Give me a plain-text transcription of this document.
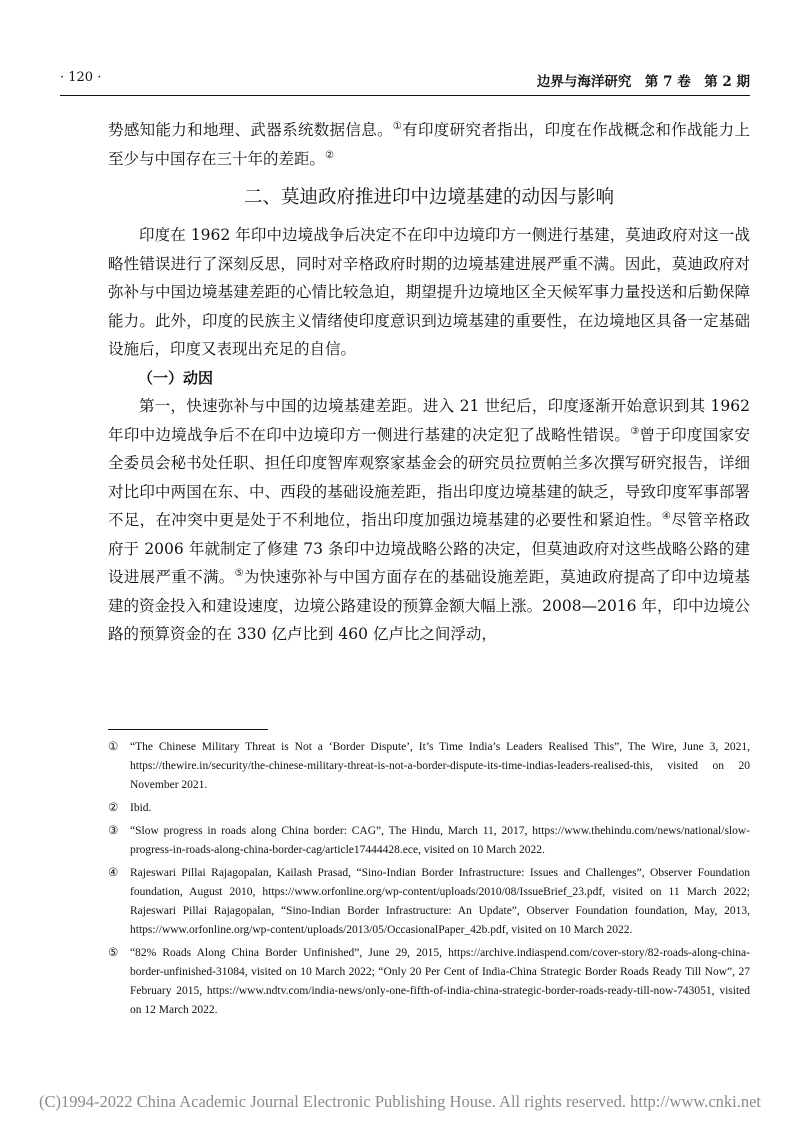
· 120 ·	边界与海洋研究　第 7 卷　第 2 期

势感知能力和地理、武器系统数据信息。①有印度研究者指出，印度在作战概念和作战能力上至少与中国存在三十年的差距。②

二、莫迪政府推进印中边境基建的动因与影响

印度在 1962 年印中边境战争后决定不在印中边境印方一侧进行基建，莫迪政府对这一战略性错误进行了深刻反思，同时对辛格政府时期的边境基建进展严重不满。因此，莫迪政府对弥补与中国边境基建差距的心情比较急迫，期望提升边境地区全天候军事力量投送和后勤保障能力。此外，印度的民族主义情绪使印度意识到边境基建的重要性，在边境地区具备一定基础设施后，印度又表现出充足的自信。

（一）动因

第一，快速弥补与中国的边境基建差距。进入 21 世纪后，印度逐渐开始意识到其 1962 年印中边境战争后不在印中边境印方一侧进行基建的决定犯了战略性错误。③曾于印度国家安全委员会秘书处任职、担任印度智库观察家基金会的研究员拉贾帕兰多次撰写研究报告，详细对比印中两国在东、中、西段的基础设施差距，指出印度边境基建的缺乏，导致印度军事部署不足，在冲突中更是处于不利地位，指出印度加强边境基建的必要性和紧迫性。④尽管辛格政府于 2006 年就制定了修建 73 条印中边境战略公路的决定，但莫迪政府对这些战略公路的建设进展严重不满。⑤为快速弥补与中国方面存在的基础设施差距，莫迪政府提高了印中边境基建的资金投入和建设速度，边境公路建设的预算金额大幅上涨。2008—2016 年，印中边境公路的预算资金的在 330 亿卢比到 460 亿卢比之间浮动，

① “The Chinese Military Threat is Not a ‘Border Dispute’, It’s Time India’s Leaders Realised This”, The Wire, June 3, 2021, https://thewire.in/security/the-chinese-military-threat-is-not-a-border-dispute-its-time-indias-leaders-realised-this, visited on 20 November 2021.
② Ibid.
③ “Slow progress in roads along China border: CAG”, The Hindu, March 11, 2017, https://www.thehindu.com/news/national/slow-progress-in-roads-along-china-border-cag/article17444428.ece, visited on 10 March 2022.
④ Rajeswari Pillai Rajagopalan, Kailash Prasad, “Sino-Indian Border Infrastructure: Issues and Challenges”, Observer Foundation foundation, August 2010, https://www.orfonline.org/wp-content/uploads/2010/08/IssueBrief_23.pdf, visited on 11 March 2022; Rajeswari Pillai Rajagopalan, “Sino-Indian Border Infrastructure: An Update”, Observer Foundation foundation, May, 2013, https://www.orfonline.org/wp-content/uploads/2013/05/OccasionalPaper_42b.pdf, visited on 10 March 2022.
⑤ “82% Roads Along China Border Unfinished”, June 29, 2015, https://archive.indiaspend.com/cover-story/82-roads-along-china-border-unfinished-31084, visited on 10 March 2022; “Only 20 Per Cent of India-China Strategic Border Roads Ready Till Now”, 27 February 2015, https://www.ndtv.com/india-news/only-one-fifth-of-india-china-strategic-border-roads-ready-till-now-743051, visited on 12 March 2022.
(C)1994-2022 China Academic Journal Electronic Publishing House. All rights reserved. http://www.cnki.net
